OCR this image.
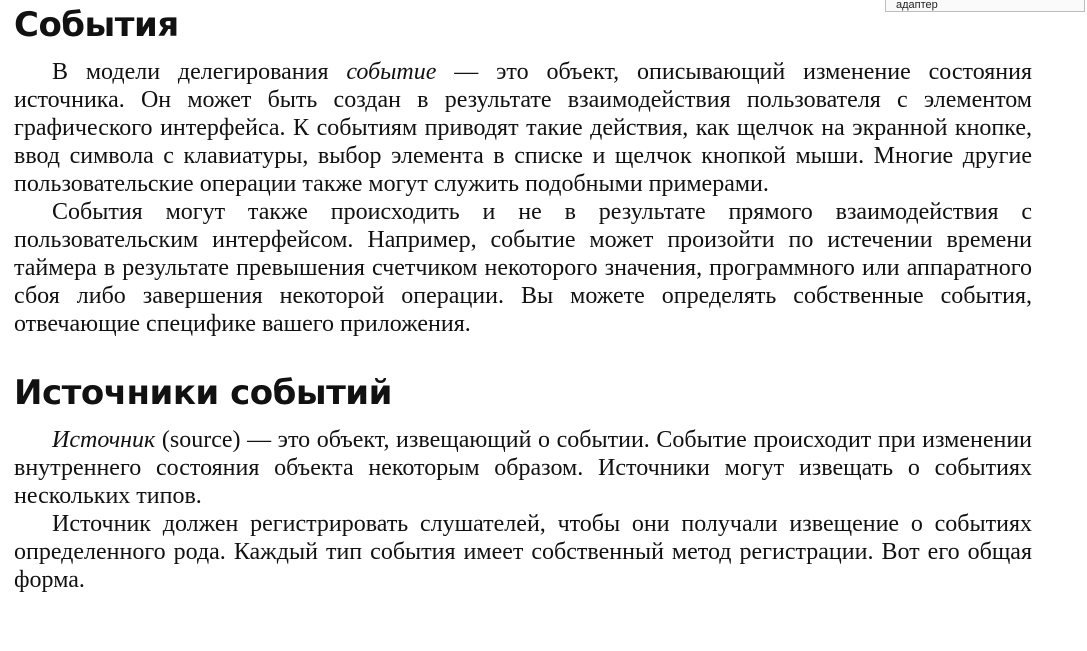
адаптер
События

В модели делегирования событие — это объект, описывающий изменение состояния источника. Он может быть создан в результате взаимодействия пользователя с элементом графического интерфейса. К событиям приводят такие действия, как щелчок на экранной кнопке, ввод символа с клавиатуры, выбор элемента в списке и щелчок кнопкой мыши. Многие другие пользовательские операции также могут служить подобными примерами.

События могут также происходить и не в результате прямого взаимодействия с пользовательским интерфейсом. Например, событие может произойти по истечении времени таймера в результате превышения счетчиком некоторого значения, программного или аппаратного сбоя либо завершения некоторой операции. Вы можете определять собственные события, отвечающие специфике вашего приложения.

Источники событий

Источник (source) — это объект, извещающий о событии. Событие происходит при изменении внутреннего состояния объекта некоторым образом. Источники могут извещать о событиях нескольких типов.

Источник должен регистрировать слушателей, чтобы они получали извещение о событиях определенного рода. Каждый тип события имеет собственный метод регистрации. Вот его общая форма.
